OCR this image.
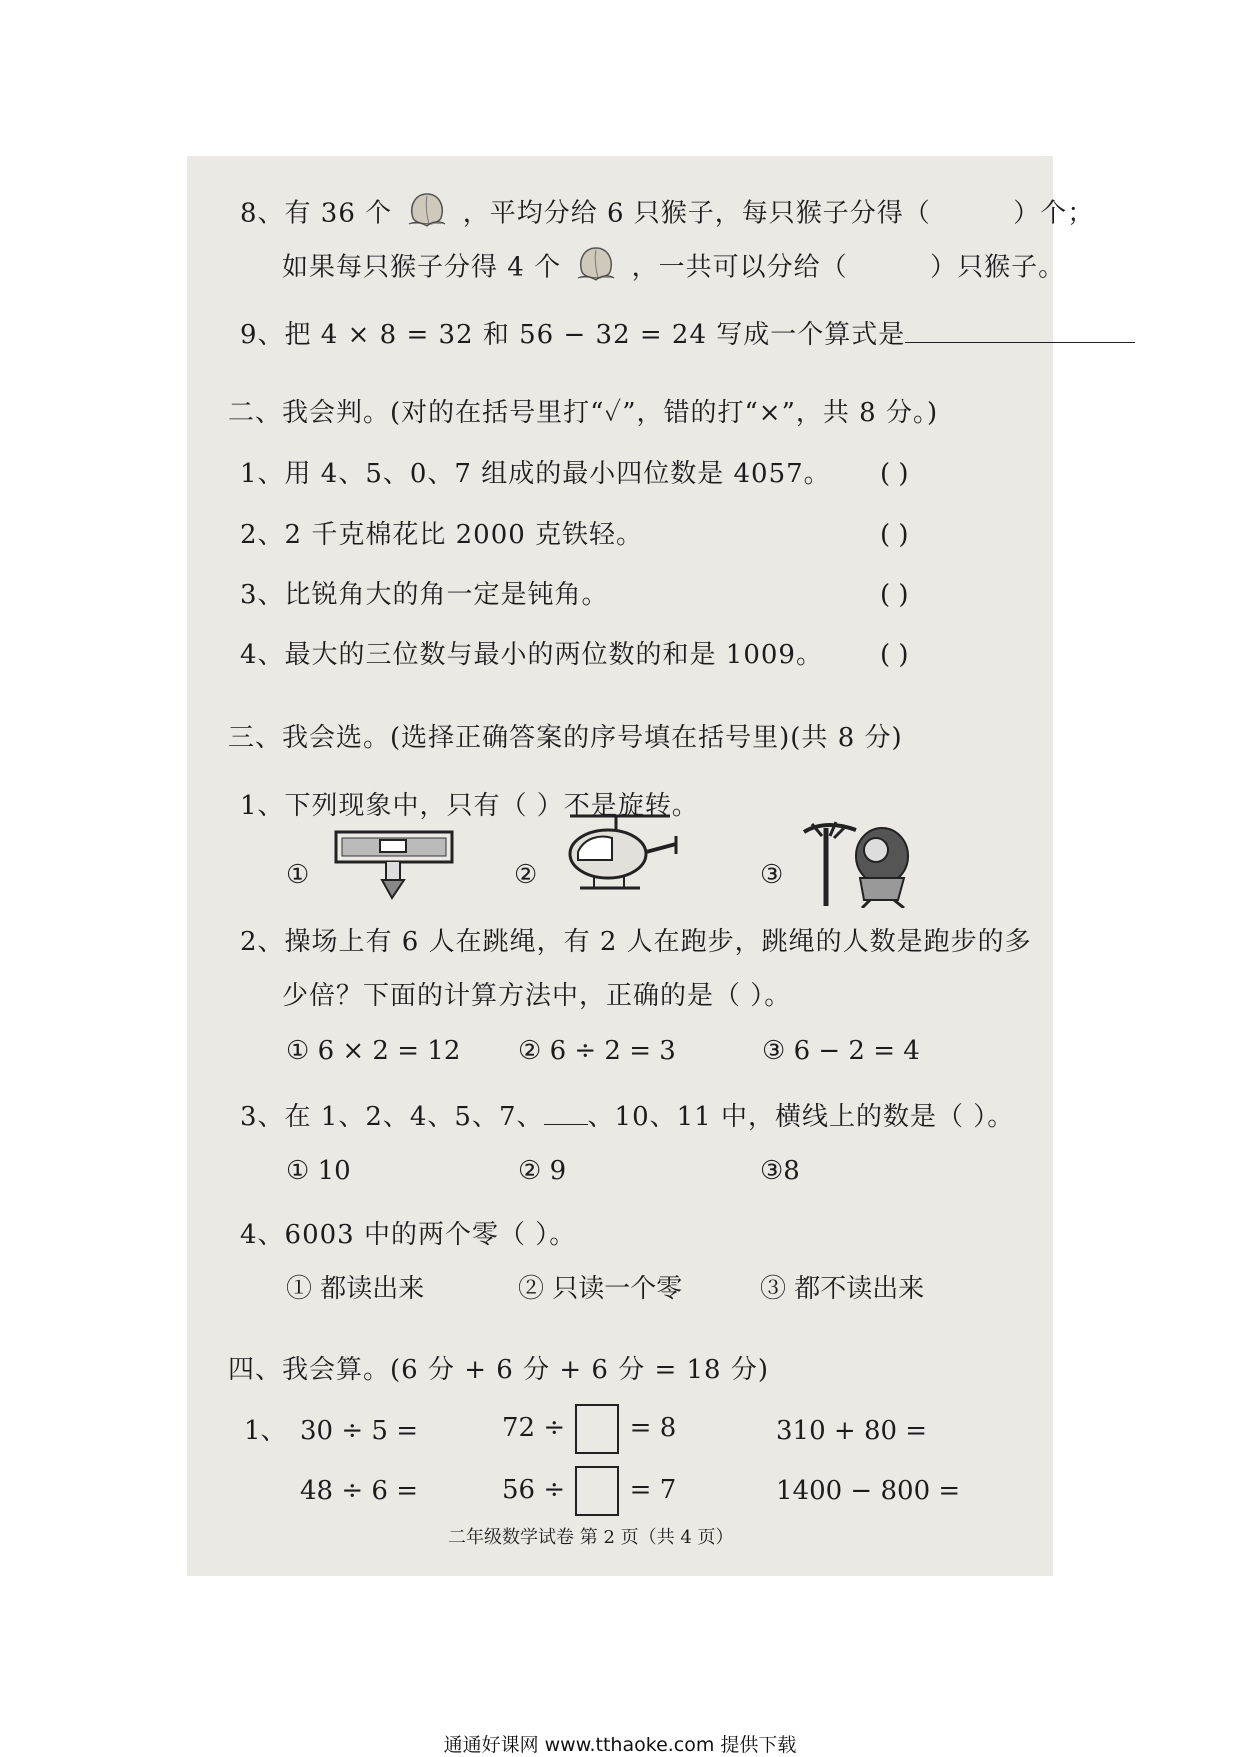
8、有 36 个	，平均分给 6 只猴子，每只猴子分得（	）个；
如果每只猴子分得 4 个	，一共可以分给（	）只猴子。
9、把 4 × 8 = 32 和 56 − 32 = 24 写成一个算式是
二、我会判。(对的在括号里打“✓”，错的打“×”，共 8 分。)
1、用 4、5、0、7 组成的最小四位数是 4057。 ( )
2、2 千克棉花比 2000 克铁轻。	( )
3、比锐角大的角一定是钝角。	( )
4、最大的三位数与最小的两位数的和是 1009。 ( )
三、我会选。(选择正确答案的序号填在括号里)(共 8 分)
1、下列现象中，只有（ ）不是旋转。
①	②	③
2、操场上有 6 人在跳绳，有 2 人在跑步，跳绳的人数是跑步的多
少倍？下面的计算方法中，正确的是（ ）。
① 6 × 2 = 12 ② 6 ÷ 2 = 3	③ 6 − 2 = 4
3、在 1、2、4、5、7、 、10、11 中，横线上的数是（ ）。
① 10	② 9	③8
4、6003 中的两个零（ ）。
① 都读出来	② 只读一个零	③ 都不读出来
四、我会算。(6 分 + 6 分 + 6 分 = 18 分)
1、 30 ÷ 5 =	72 ÷ = 8	310 + 80 =
48 ÷ 6 =	56 ÷ = 7	1400 − 800 =
二年级数学试卷 第 2 页（共 4 页）
通通好课网 www.tthaoke.com 提供下载
